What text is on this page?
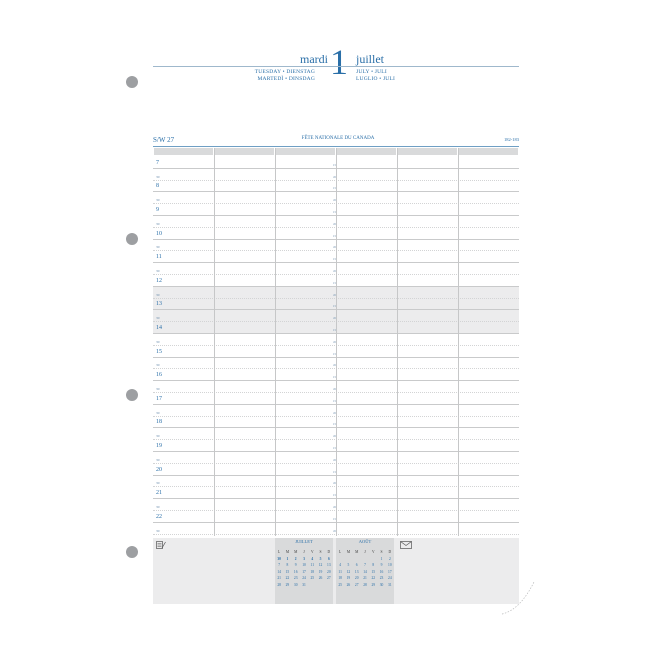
mardi 1 juillet
TUESDAY • DIENSTAG
MARTEDÌ • DINSDAG
JULY • JULI
LUGLIO • JULI
S/W 27	FÊTE NATIONALE DU CANADA	182-183
7	15
30	45
8	15
30	45
9	15
30	45
10	15
30	45
11	15
30	45
12	15
30	45
13	15
30	45
14	15
30	45
15	15
30	45
16	15
30	45
17	15
30	45
18	15
30	45
19	15
30	45
20	15
30	45
21	15
30	45
22	15
30	45
JUILLET
L	M	M	J	V	S	D
30	1	2	3	4	5	6
7	8	9	10	11	12	13
14	15	16	17	18	19	20
21	22	23	24	25	26	27
28	29	30	31			
AOÛT
L	M	M	J	V	S	D
					1	2
4	5	6	7	8	9	10
11	12	13	14	15	16	17
18	19	20	21	22	23	24
25	26	27	28	29	30	31
